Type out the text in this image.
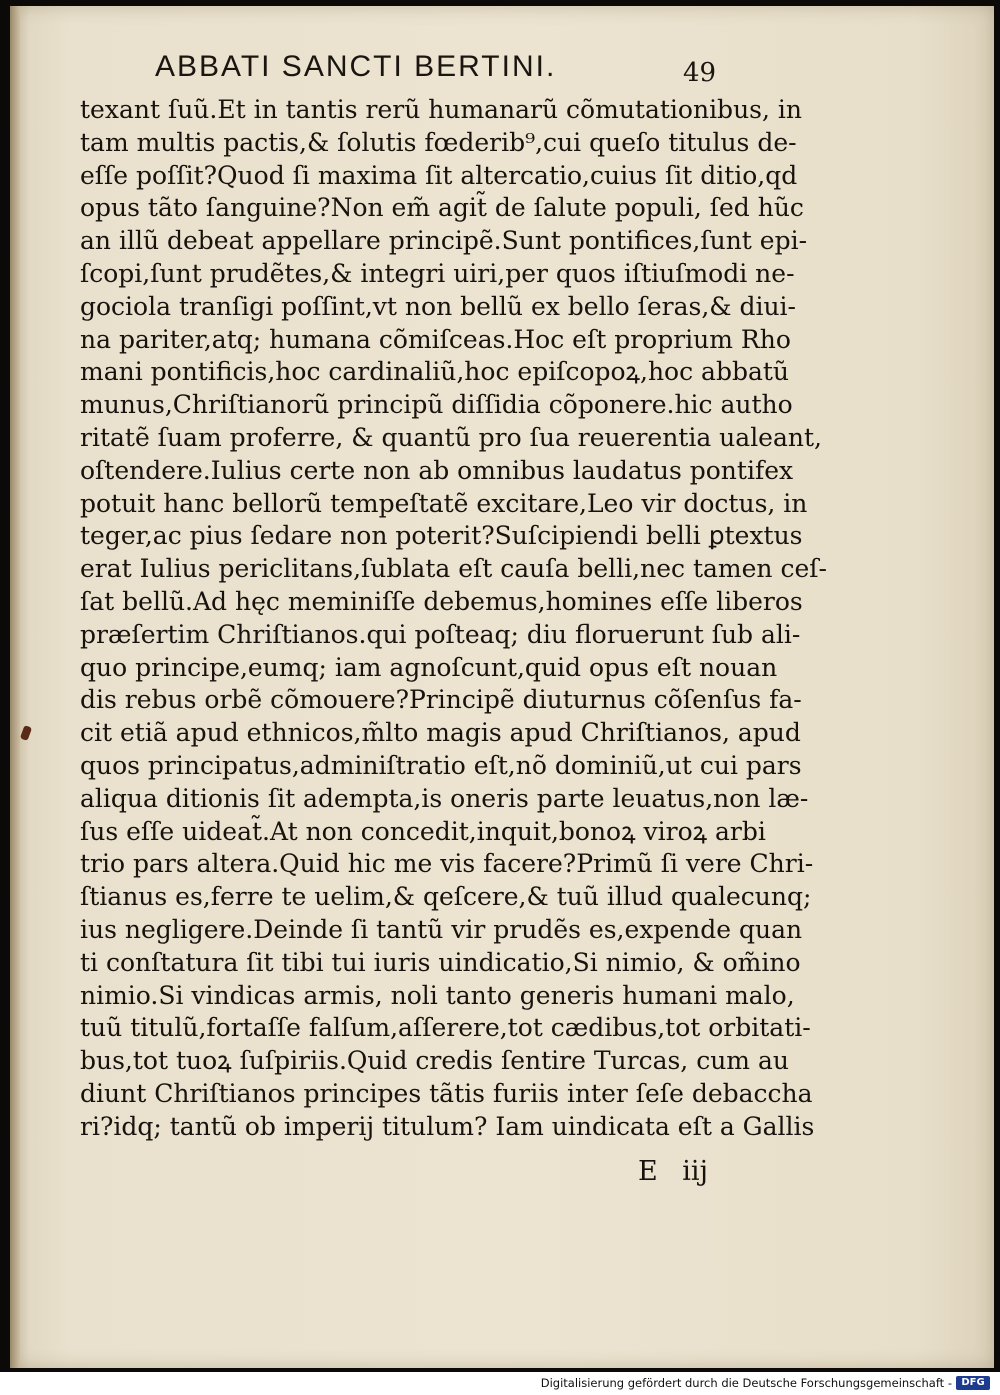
ABBATI SANCTI BERTINI.	49
texant ſuũ.Et in tantis rerũ humanarũ cõmutationibus, in
tam multis pactis,& ſolutis fœderib⁹,cui queſo titulus de‑
eſſe poſſit?Quod ſi maxima ſit altercatio,cuius ſit ditio,qd
opus tãto ſanguine?Non em̃ agit̃ de ſalute populi, ſed hũc
an illũ debeat appellare principẽ.Sunt pontifices,ſunt epi‑
ſcopi,ſunt prudẽtes,& integri uiri,per quos iſtiuſmodi ne‑
gociola tranſigi poſſint,vt non bellũ ex bello ſeras,& diui‑
na pariter,atq; humana cõmiſceas.Hoc eſt proprium Rho
mani pontificis,hoc cardinaliũ,hoc epiſcopoꝝ,hoc abbatũ
munus,Chriſtianorũ principũ diſſidia cõponere.hic autho
ritatẽ ſuam proferre, & quantũ pro ſua reuerentia ualeant,
oſtendere.Iulius certe non ab omnibus laudatus pontifex
potuit hanc bellorũ tempeſtatẽ excitare,Leo vir doctus, in
teger,ac pius ſedare non poterit?Suſcipiendi belli ꝑtextus
erat Iulius periclitans,ſublata eſt cauſa belli,nec tamen ceſ‑
ſat bellũ.Ad hęc meminiſſe debemus,homines eſſe liberos
præſertim Chriſtianos.qui poſteaq; diu floruerunt ſub ali‑
quo principe,eumq; iam agnoſcunt,quid opus eſt nouan
dis rebus orbẽ cõmouere?Principẽ diuturnus cõſenſus fa‑
cit etiã apud ethnicos,m̃lto magis apud Chriſtianos, apud
quos principatus,adminiſtratio eſt,nõ dominiũ,ut cui pars
aliqua ditionis ſit adempta,is oneris parte leuatus,non læ‑
ſus eſſe uideat̃.At non concedit,inquit,bonoꝝ viroꝝ arbi
trio pars altera.Quid hic me vis facere?Primũ ſi vere Chri‑
ſtianus es,ferre te uelim,& qeſcere,& tuũ illud qualecunq;
ius negligere.Deinde ſi tantũ vir prudẽs es,expende quan
ti conſtatura ſit tibi tui iuris uindicatio,Si nimio, & om̃ino
nimio.Si vindicas armis, noli tanto generis humani malo,
tuũ titulũ,fortaſſe falſum,aſſerere,tot cædibus,tot orbitati‑
bus,tot tuoꝝ ſuſpiriis.Quid credis ſentire Turcas, cum au
diunt Chriſtianos principes tãtis furiis inter ſeſe debaccha
ri?idq; tantũ ob imperij titulum? Iam uindicata eſt a Gallis
E iij
Digitalisierung gefördert durch die Deutsche Forschungsgemeinschaft - DFG
